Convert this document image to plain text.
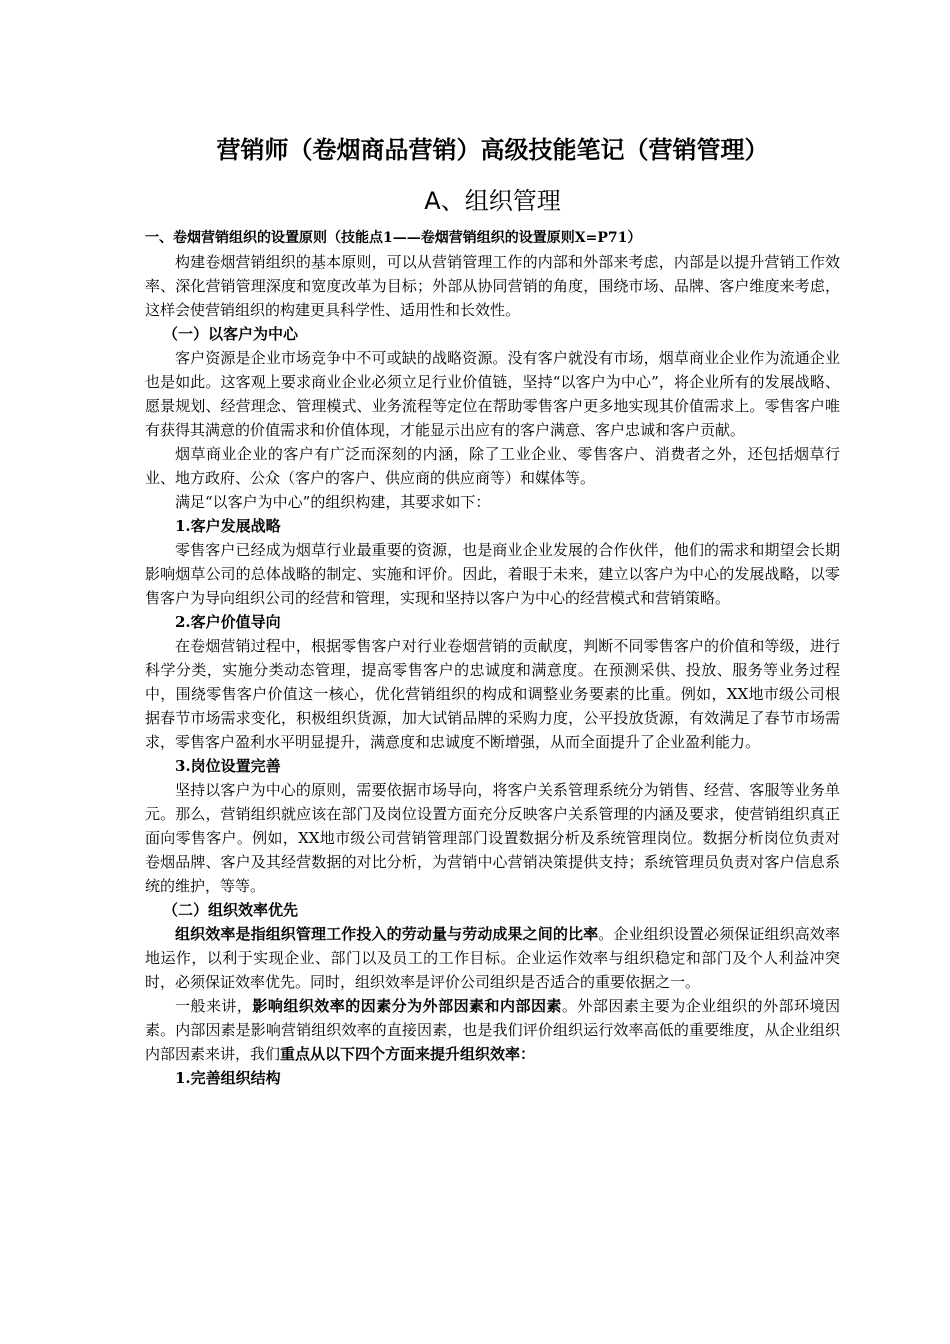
营销师（卷烟商品营销）高级技能笔记（营销管理）
A、组织管理
一、卷烟营销组织的设置原则（技能点1——卷烟营销组织的设置原则X=P71）

构建卷烟营销组织的基本原则，可以从营销管理工作的内部和外部来考虑，内部是以提升营销工作效率、深化营销管理深度和宽度改革为目标；外部从协同营销的角度，围绕市场、品牌、客户维度来考虑，这样会使营销组织的构建更具科学性、适用性和长效性。

（一）以客户为中心

客户资源是企业市场竞争中不可或缺的战略资源。没有客户就没有市场，烟草商业企业作为流通企业也是如此。这客观上要求商业企业必须立足行业价值链，坚持“以客户为中心”，将企业所有的发展战略、愿景规划、经营理念、管理模式、业务流程等定位在帮助零售客户更多地实现其价值需求上。零售客户唯有获得其满意的价值需求和价值体现，才能显示出应有的客户满意、客户忠诚和客户贡献。

烟草商业企业的客户有广泛而深刻的内涵，除了工业企业、零售客户、消费者之外，还包括烟草行业、地方政府、公众（客户的客户、供应商的供应商等）和媒体等。

满足“以客户为中心”的组织构建，其要求如下：

1.客户发展战略

零售客户已经成为烟草行业最重要的资源，也是商业企业发展的合作伙伴，他们的需求和期望会长期影响烟草公司的总体战略的制定、实施和评价。因此，着眼于未来，建立以客户为中心的发展战略，以零售客户为导向组织公司的经营和管理，实现和坚持以客户为中心的经营模式和营销策略。

2.客户价值导向

在卷烟营销过程中，根据零售客户对行业卷烟营销的贡献度，判断不同零售客户的价值和等级，进行科学分类，实施分类动态管理，提高零售客户的忠诚度和满意度。在预测采供、投放、服务等业务过程中，围绕零售客户价值这一核心，优化营销组织的构成和调整业务要素的比重。例如，XX地市级公司根据春节市场需求变化，积极组织货源，加大试销品牌的采购力度，公平投放货源，有效满足了春节市场需求，零售客户盈利水平明显提升，满意度和忠诚度不断增强，从而全面提升了企业盈利能力。

3.岗位设置完善

坚持以客户为中心的原则，需要依据市场导向，将客户关系管理系统分为销售、经营、客服等业务单元。那么，营销组织就应该在部门及岗位设置方面充分反映客户关系管理的内涵及要求，使营销组织真正面向零售客户。例如，XX地市级公司营销管理部门设置数据分析及系统管理岗位。数据分析岗位负责对卷烟品牌、客户及其经营数据的对比分析，为营销中心营销决策提供支持；系统管理员负责对客户信息系统的维护，等等。

（二）组织效率优先

组织效率是指组织管理工作投入的劳动量与劳动成果之间的比率。企业组织设置必须保证组织高效率地运作，以利于实现企业、部门以及员工的工作目标。企业运作效率与组织稳定和部门及个人利益冲突时，必须保证效率优先。同时，组织效率是评价公司组织是否适合的重要依据之一。

一般来讲，影响组织效率的因素分为外部因素和内部因素。外部因素主要为企业组织的外部环境因素。内部因素是影响营销组织效率的直接因素，也是我们评价组织运行效率高低的重要维度，从企业组织内部因素来讲，我们重点从以下四个方面来提升组织效率：

1.完善组织结构
